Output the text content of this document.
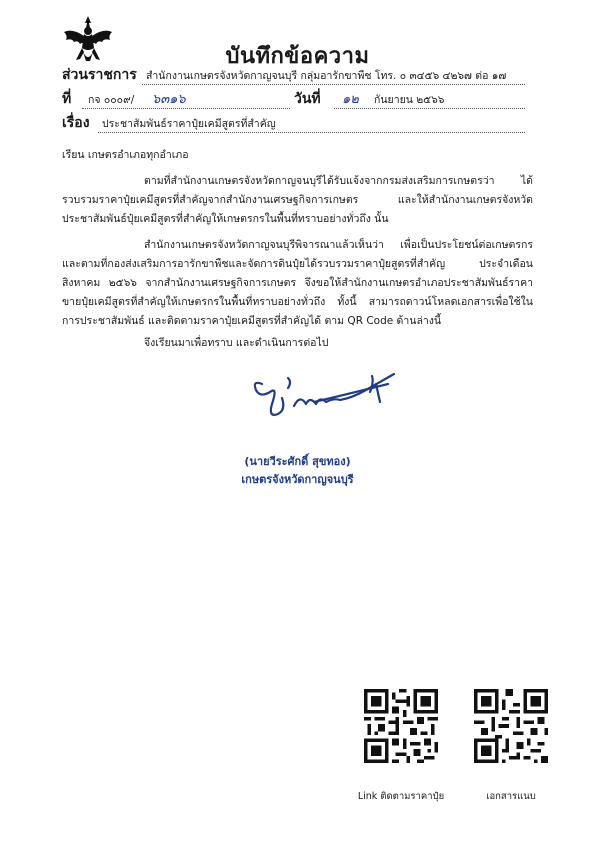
บันทึกข้อความ
ส่วนราชการ สำนักงานเกษตรจังหวัดกาญจนบุรี กลุ่มอารักขาพืช โทร. ๐ ๓๔๕๖ ๔๒๖๗ ต่อ ๑๗
ที่ กจ ๐๐๐๙/ ๖๓๑๖	วันที่ ๑๒ กันยายน ๒๕๖๖
เรื่อง ประชาสัมพันธ์ราคาปุ๋ยเคมีสูตรที่สำคัญ
เรียน เกษตรอำเภอทุกอำเภอ
ตามที่สำนักงานเกษตรจังหวัดกาญจนบุรีได้รับแจ้งจากกรมส่งเสริมการเกษตรว่า ได้รวบรวมราคาปุ๋ยเคมีสูตรที่สำคัญจากสำนักงานเศรษฐกิจการเกษตร และให้สำนักงานเกษตรจังหวัดประชาสัมพันธ์ปุ๋ยเคมีสูตรที่สำคัญให้เกษตรกรในพื้นที่ทราบอย่างทั่วถึง นั้น
สำนักงานเกษตรจังหวัดกาญจนบุรีพิจารณาแล้วเห็นว่า เพื่อเป็นประโยชน์ต่อเกษตรกร และตามที่กองส่งเสริมการอารักขาพืชและจัดการดินปุ๋ยได้รวบรวมราคาปุ๋ยสูตรที่สำคัญ ประจำเดือนสิงหาคม ๒๕๖๖ จากสำนักงานเศรษฐกิจการเกษตร จึงขอให้สำนักงานเกษตรอำเภอประชาสัมพันธ์ราคาขายปุ๋ยเคมีสูตรที่สำคัญให้เกษตรกรในพื้นที่ทราบอย่างทั่วถึง ทั้งนี้ สามารถดาวน์โหลดเอกสารเพื่อใช้ในการประชาสัมพันธ์ และติดตามราคาปุ๋ยเคมีสูตรที่สำคัญได้ ตาม QR Code ด้านล่างนี้
จึงเรียนมาเพื่อทราบ และดำเนินการต่อไป
(นายวีระศักดิ์ สุขทอง)
เกษตรจังหวัดกาญจนบุรี
Link ติดตามราคาปุ๋ย	เอกสารแนบ
